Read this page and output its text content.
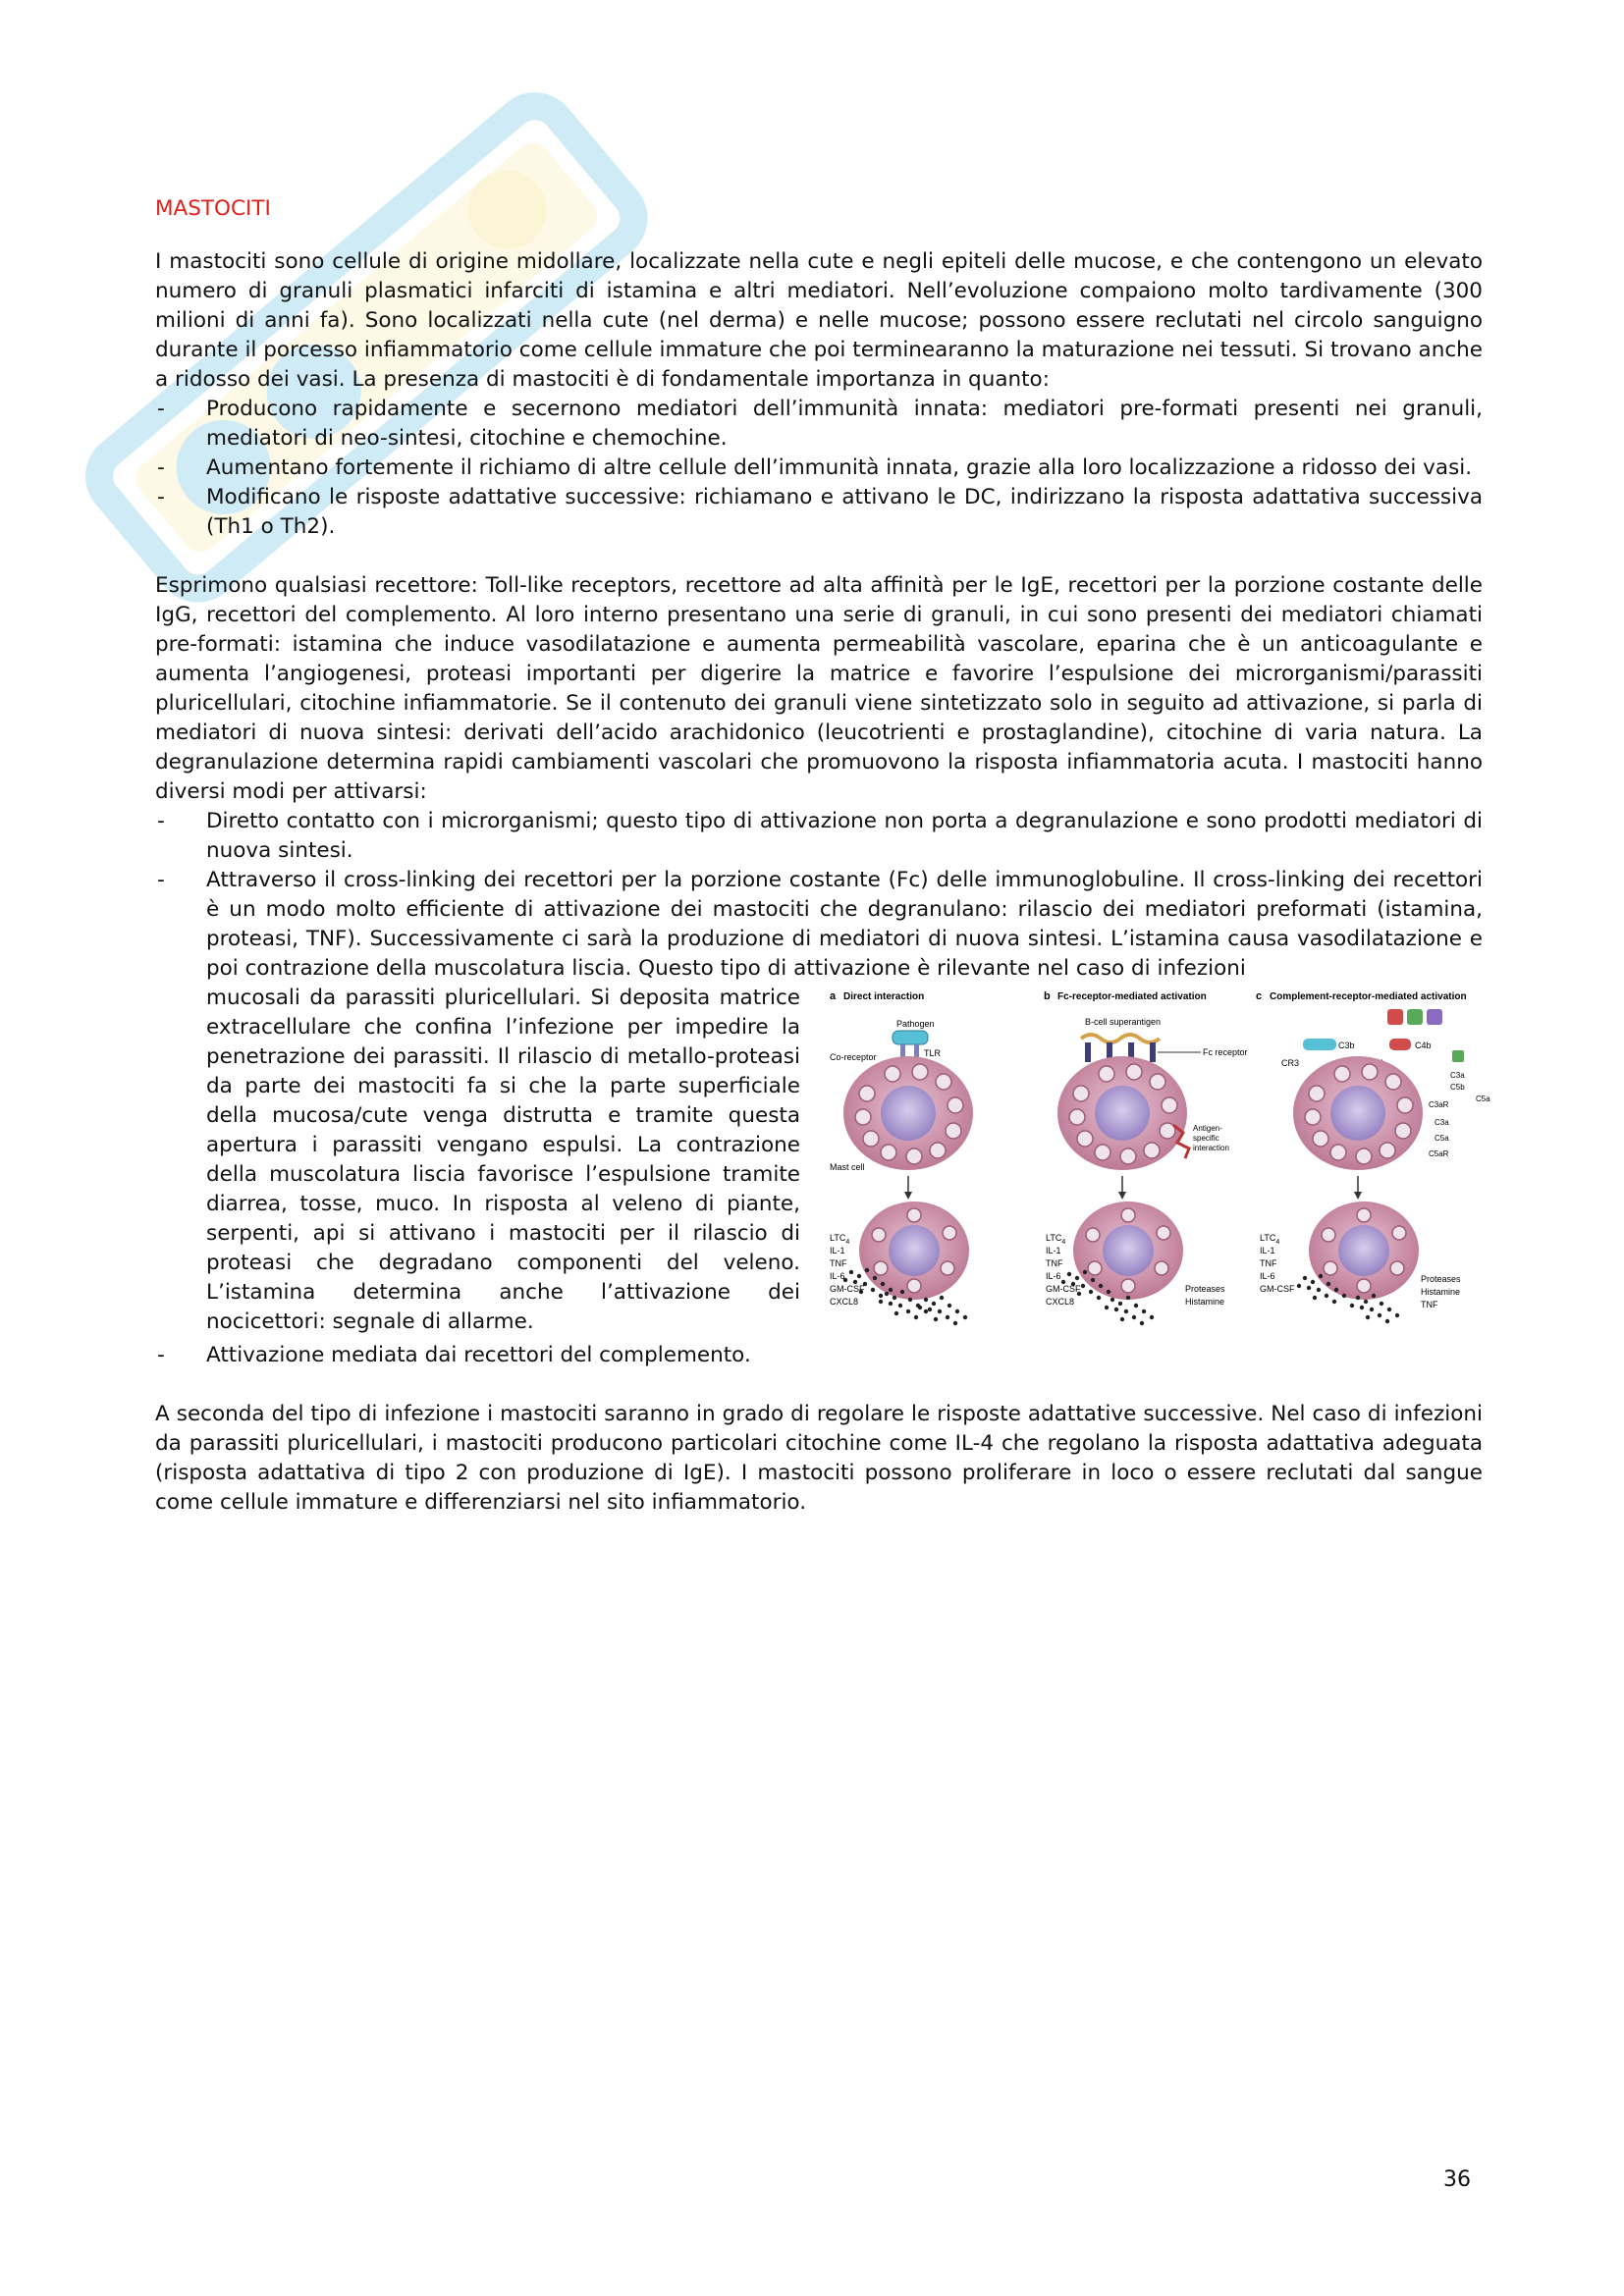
MASTOCITI

I mastociti sono cellule di origine midollare, localizzate nella cute e negli epiteli delle mucose, e che contengono un elevato numero di granuli plasmatici infarciti di istamina e altri mediatori. Nell’evoluzione compaiono molto tardivamente (300 milioni di anni fa). Sono localizzati nella cute (nel derma) e nelle mucose; possono essere reclutati nel circolo sanguigno durante il porcesso infiammatorio come cellule immature che poi terminearanno la maturazione nei tessuti. Si trovano anche a ridosso dei vasi. La presenza di mastociti è di fondamentale importanza in quanto:

- Producono rapidamente e secernono mediatori dell’immunità innata: mediatori pre-formati presenti nei granuli, mediatori di neo-sintesi, citochine e chemochine.
- Aumentano fortemente il richiamo di altre cellule dell’immunità innata, grazie alla loro localizzazione a ridosso dei vasi.
- Modificano le risposte adattative successive: richiamano e attivano le DC, indirizzano la risposta adattativa successiva (Th1 o Th2).

Esprimono qualsiasi recettore: Toll-like receptors, recettore ad alta affinità per le IgE, recettori per la porzione costante delle IgG, recettori del complemento. Al loro interno presentano una serie di granuli, in cui sono presenti dei mediatori chiamati pre-formati: istamina che induce vasodilatazione e aumenta permeabilità vascolare, eparina che è un anticoagulante e aumenta l’angiogenesi, proteasi importanti per digerire la matrice e favorire l’espulsione dei microrganismi/parassiti pluricellulari, citochine infiammatorie. Se il contenuto dei granuli viene sintetizzato solo in seguito ad attivazione, si parla di mediatori di nuova sintesi: derivati dell’acido arachidonico (leucotrienti e prostaglandine), citochine di varia natura. La degranulazione determina rapidi cambiamenti vascolari che promuovono la risposta infiammatoria acuta. I mastociti hanno diversi modi per attivarsi:

- Diretto contatto con i microrganismi; questo tipo di attivazione non porta a degranulazione e sono prodotti mediatori di nuova sintesi.
- Attraverso il cross-linking dei recettori per la porzione costante (Fc) delle immunoglobuline. Il cross-linking dei recettori è un modo molto efficiente di attivazione dei mastociti che degranulano: rilascio dei mediatori preformati (istamina, proteasi, TNF). Successivamente ci sarà la produzione di mediatori di nuova sintesi. L’istamina causa vasodilatazione e poi contrazione della muscolatura liscia. Questo tipo di attivazione è rilevante nel caso di infezioni
mucosali da parassiti pluricellulari. Si deposita matrice extracellulare che confina l’infezione per impedire la penetrazione dei parassiti. Il rilascio di metallo-proteasi da parte dei mastociti fa si che la parte superficiale della mucosa/cute venga distrutta e tramite questa apertura i parassiti vengano espulsi. La contrazione della muscolatura liscia favorisce l’espulsione tramite diarrea, tosse, muco. In risposta al veleno di piante, serpenti, api si attivano i mastociti per il rilascio di proteasi che degradano componenti del veleno. L’istamina determina anche l’attivazione dei nocicettori: segnale di allarme.
a Direct interaction
Pathogen
TLR
Co-receptor
Mast cell
$LTC_4$
IL-1
TNF
IL-6
GM-CSF
CXCL8
b Fc-receptor-mediated activation
B-cell superantigen
Fc receptor
Antigen-
specific
interaction
$LTC_4$
IL-1
TNF
IL-6
GM-CSF
CXCL8
Proteases
Histamine
c Complement-receptor-mediated activation
C3b	C4b
CR3
C3a
C5b
C5a
C3aR
C3a
C5a
C5aR
$LTC_4$
IL-1
TNF
IL-6
GM-CSF
Proteases
Histamine
TNF
- Attivazione mediata dai recettori del complemento.

A seconda del tipo di infezione i mastociti saranno in grado di regolare le risposte adattative successive. Nel caso di infezioni da parassiti pluricellulari, i mastociti producono particolari citochine come IL-4 che regolano la risposta adattativa adeguata (risposta adattativa di tipo 2 con produzione di IgE). I mastociti possono proliferare in loco o essere reclutati dal sangue come cellule immature e differenziarsi nel sito infiammatorio.

36
